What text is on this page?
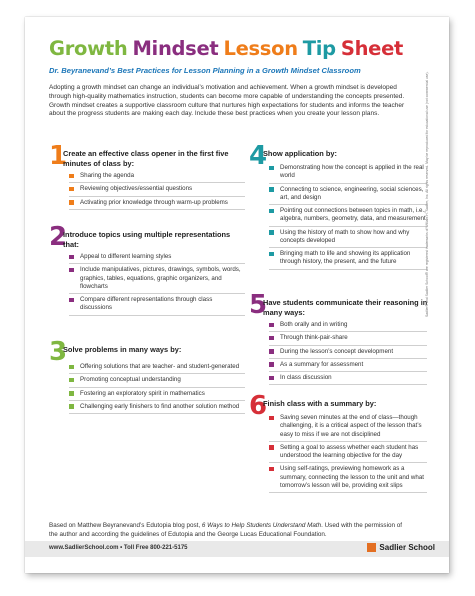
Growth Mindset Lesson Tip Sheet
Dr. Beyranevand’s Best Practices for Lesson Planning in a Growth Mindset Classroom
Adopting a growth mindset can change an individual’s motivation and achievement. When a growth mindset is developed through high-quality mathematics instruction, students can become more capable of understanding the concepts presented. Growth mindset creates a supportive classroom culture that nurtures high expectations for students and informs the teacher about the progress students are making each day. Include these best practices when you create your lesson plans.
1
Create an effective class opener in the first five minutes of class by:
Sharing the agenda
Reviewing objectives/essential questions
Activating prior knowledge through warm-up problems
2
Introduce topics using multiple representations that:
Appeal to different learning styles
Include manipulatives, pictures, drawings, symbols, words, graphics, tables, equations, graphic organizers, and flowcharts
Compare different representations through class discussions
3
Solve problems in many ways by:
Offering solutions that are teacher- and student-generated
Promoting conceptual understanding
Fostering an exploratory spirit in mathematics
Challenging early finishers to find another solution method
4
Show application by:
Demonstrating how the concept is applied in the real world
Connecting to science, engineering, social sciences, art, and design
Pointing out connections between topics in math, i.e., algebra, numbers, geometry, data, and measurement
Using the history of math to show how and why concepts developed
Bringing math to life and showing its application through history, the present, and the future
5
Have students communicate their reasoning in many ways:
Both orally and in writing
Through think-pair-share
During the lesson’s concept development
As a summary for assessment
In class discussion
6
Finish class with a summary by:
Saving seven minutes at the end of class—though challenging, it is a critical aspect of the lesson that’s easy to miss if we are not disciplined
Setting a goal to assess whether each student has understood the learning objective for the day
Using self-ratings, previewing homework as a summary, connecting the lesson to the unit and what tomorrow’s lesson will be, providing exit slips
Sadlier® and Sadlier School® are registered trademarks of William H. Sadlier, Inc. All rights reserved. May be reproduced for educational use (not commercial use).
Based on Matthew Beyranevand’s Edutopia blog post, 6 Ways to Help Students Understand Math. Used with the permission of the author and according the guidelines of Edutopia and the George Lucas Educational Foundation.
www.SadlierSchool.com • Toll Free 800-221-5175	Sadlier School
